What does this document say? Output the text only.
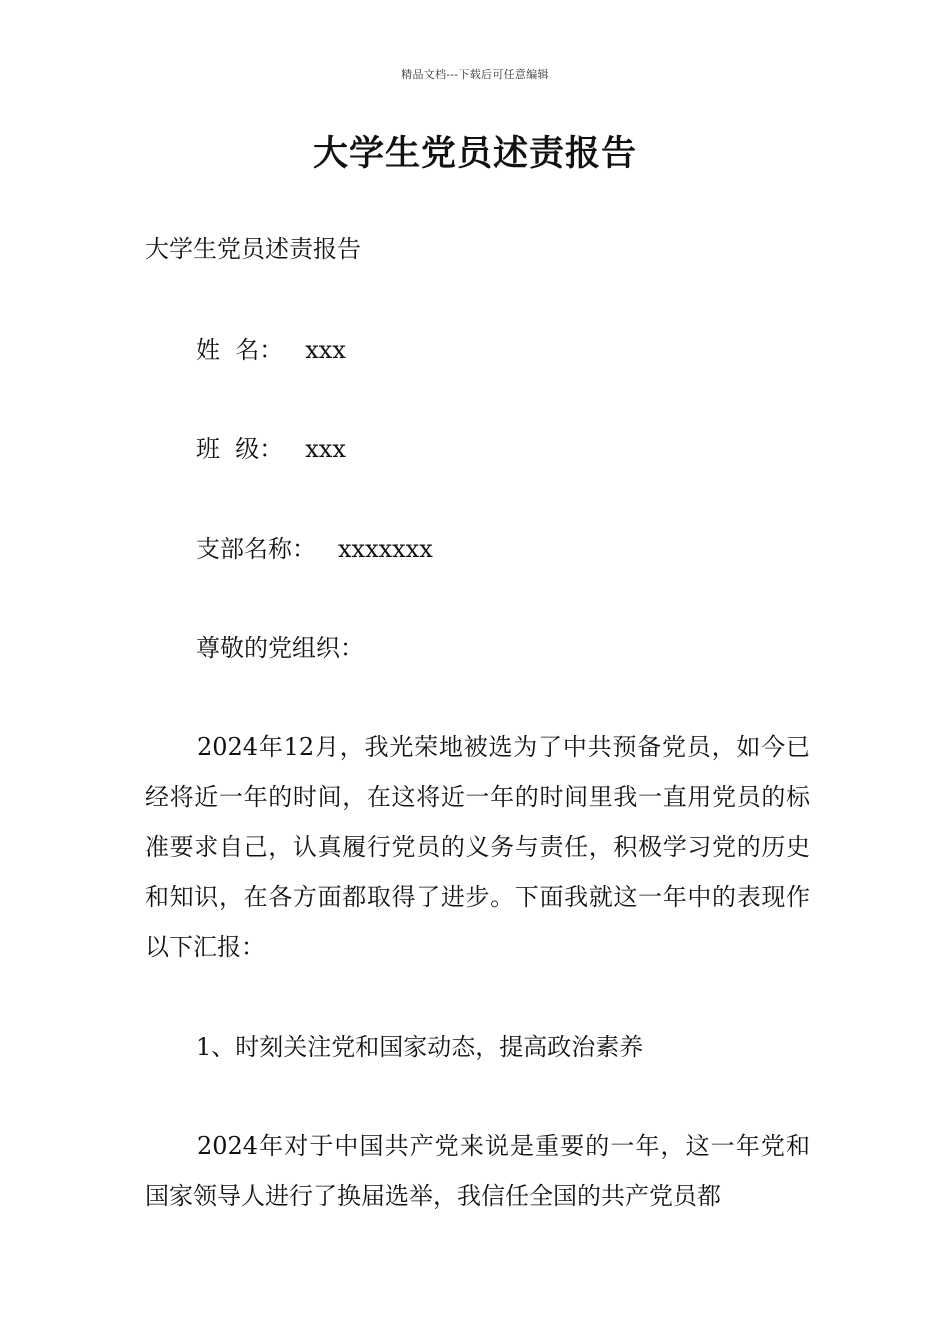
精品文档---下载后可任意编辑
大学生党员述责报告
大学生党员述责报告
姓  名： xxx
班  级： xxx
支部名称： xxxxxxx
尊敬的党组织：
2024年12月，我光荣地被选为了中共预备党员，如今已经将近一年的时间，在这将近一年的时间里我一直用党员的标准要求自己，认真履行党员的义务与责任，积极学习党的历史和知识，在各方面都取得了进步。下面我就这一年中的表现作以下汇报：
1、时刻关注党和国家动态，提高政治素养
2024年对于中国共产党来说是重要的一年，这一年党和国家领导人进行了换届选举，我信任全国的共产党员都
